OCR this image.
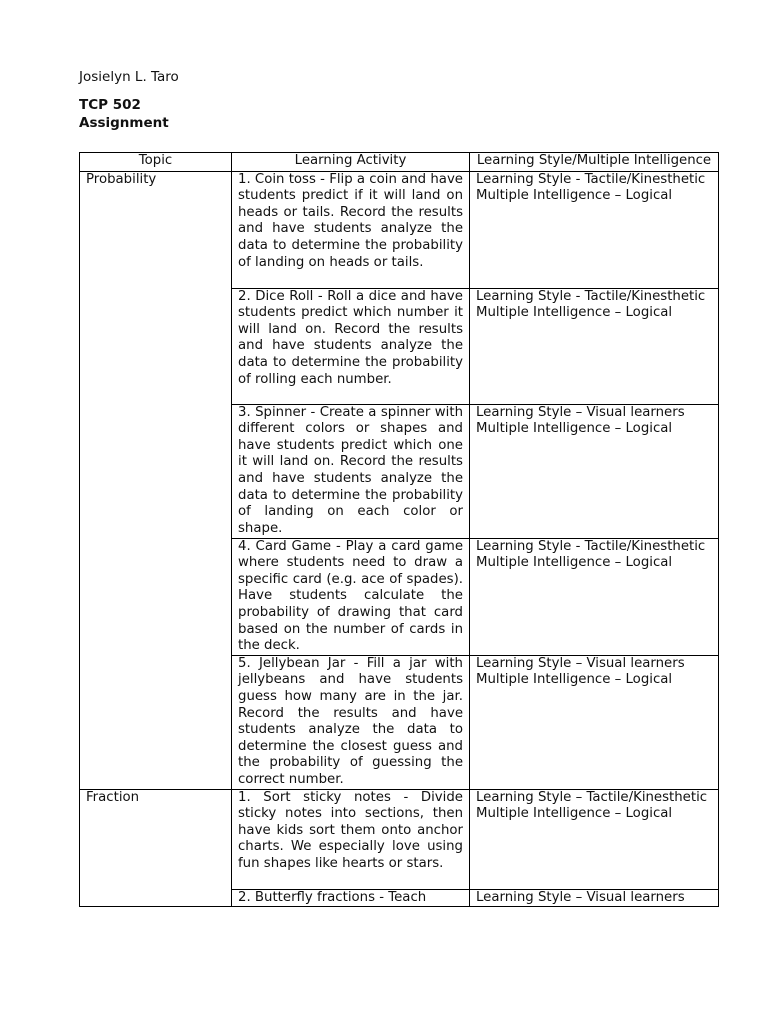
Josielyn L. Taro
TCP 502
Assignment
Topic	Learning Activity	Learning Style/Multiple Intelligence
Probability	1. Coin toss - Flip a coin and have students predict if it will land on heads or tails. Record the results and have students analyze the data to determine the probability of landing on heads or tails.	Learning Style - Tactile/Kinesthetic
Multiple Intelligence – Logical

	2. Dice Roll - Roll a dice and have students predict which number it will land on. Record the results and have students analyze the data to determine the probability of rolling each number.	Learning Style - Tactile/Kinesthetic
Multiple Intelligence – Logical

	3. Spinner - Create a spinner with different colors or shapes and have students predict which one it will land on. Record the results and have students analyze the data to determine the probability of landing on each color or shape.	Learning Style – Visual learners
Multiple Intelligence – Logical

	4. Card Game - Play a card game where students need to draw a specific card (e.g. ace of spades). Have students calculate the probability of drawing that card based on the number of cards in the deck.	Learning Style - Tactile/Kinesthetic
Multiple Intelligence – Logical

	5. Jellybean Jar - Fill a jar with jellybeans and have students guess how many are in the jar. Record the results and have students analyze the data to determine the closest guess and the probability of guessing the correct number.	Learning Style – Visual learners
Multiple Intelligence – Logical

Fraction	1. Sort sticky notes - Divide sticky notes into sections, then have kids sort them onto anchor charts. We especially love using fun shapes like hearts or stars.	Learning Style – Tactile/Kinesthetic
Multiple Intelligence – Logical

	2. Butterfly fractions - Teach	Learning Style – Visual learners
